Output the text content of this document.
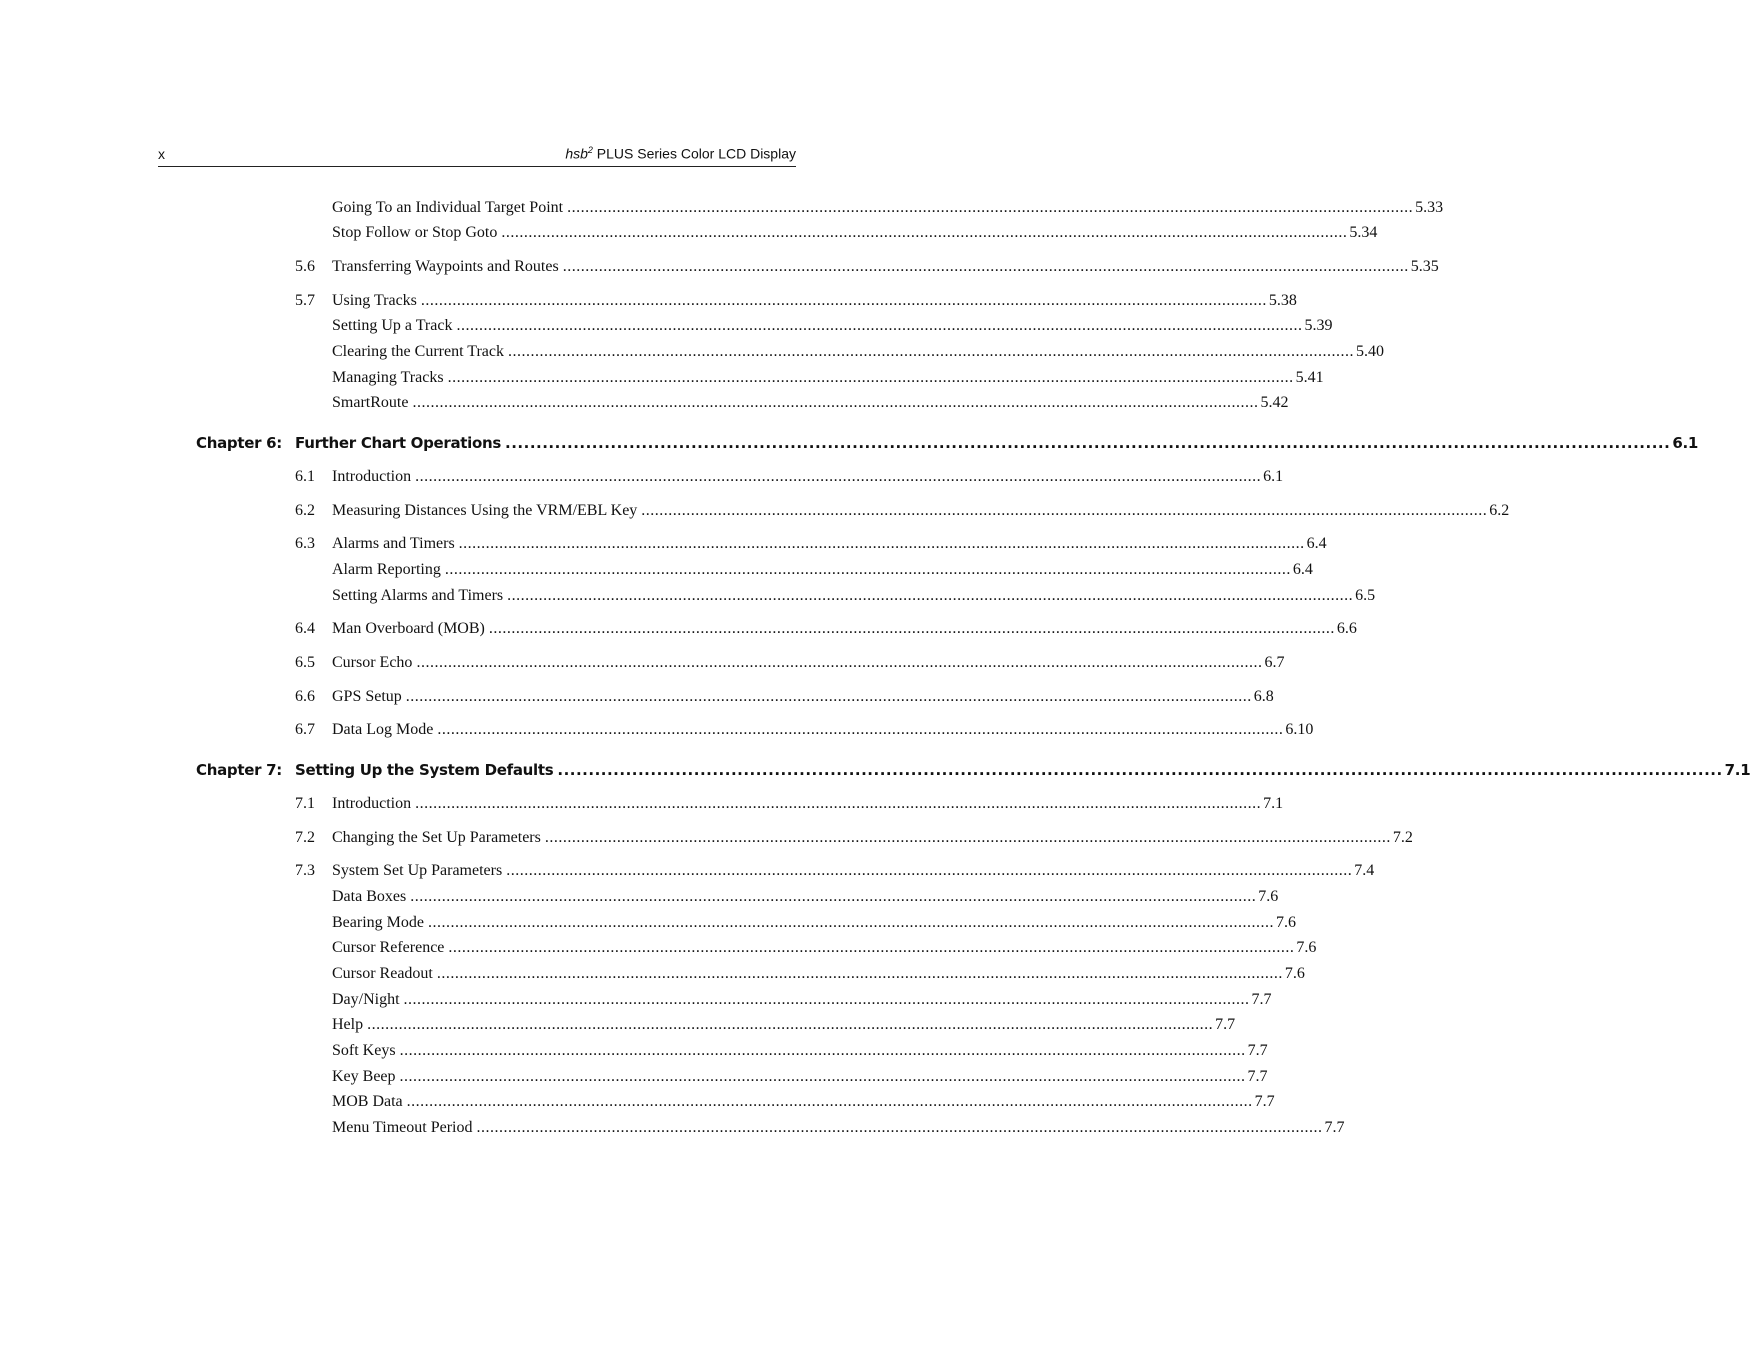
x	hsb$^2$ PLUS Series Color LCD Display
Going To an Individual Target Point ............................................................................................................................................................................................ 5.33
Stop Follow or Stop Goto ............................................................................................................................................................................................ 5.34
5.6 Transferring Waypoints and Routes ............................................................................................................................................................................................ 5.35
5.7 Using Tracks ............................................................................................................................................................................................ 5.38
Setting Up a Track ............................................................................................................................................................................................ 5.39
Clearing the Current Track ............................................................................................................................................................................................ 5.40
Managing Tracks ............................................................................................................................................................................................ 5.41
SmartRoute ............................................................................................................................................................................................ 5.42
Chapter 6: Further Chart Operations ............................................................................................................................................................................................ 6.1
6.1 Introduction ............................................................................................................................................................................................ 6.1
6.2 Measuring Distances Using the VRM/EBL Key ............................................................................................................................................................................................ 6.2
6.3 Alarms and Timers ............................................................................................................................................................................................ 6.4
Alarm Reporting ............................................................................................................................................................................................ 6.4
Setting Alarms and Timers ............................................................................................................................................................................................ 6.5
6.4 Man Overboard (MOB) ............................................................................................................................................................................................ 6.6
6.5 Cursor Echo ............................................................................................................................................................................................ 6.7
6.6 GPS Setup ............................................................................................................................................................................................ 6.8
6.7 Data Log Mode ............................................................................................................................................................................................ 6.10
Chapter 7: Setting Up the System Defaults ............................................................................................................................................................................................ 7.1
7.1 Introduction ............................................................................................................................................................................................ 7.1
7.2 Changing the Set Up Parameters ............................................................................................................................................................................................ 7.2
7.3 System Set Up Parameters ............................................................................................................................................................................................ 7.4
Data Boxes ............................................................................................................................................................................................ 7.6
Bearing Mode ............................................................................................................................................................................................ 7.6
Cursor Reference ............................................................................................................................................................................................ 7.6
Cursor Readout ............................................................................................................................................................................................ 7.6
Day/Night ............................................................................................................................................................................................ 7.7
Help ............................................................................................................................................................................................ 7.7
Soft Keys ............................................................................................................................................................................................ 7.7
Key Beep ............................................................................................................................................................................................ 7.7
MOB Data ............................................................................................................................................................................................ 7.7
Menu Timeout Period ............................................................................................................................................................................................ 7.7
